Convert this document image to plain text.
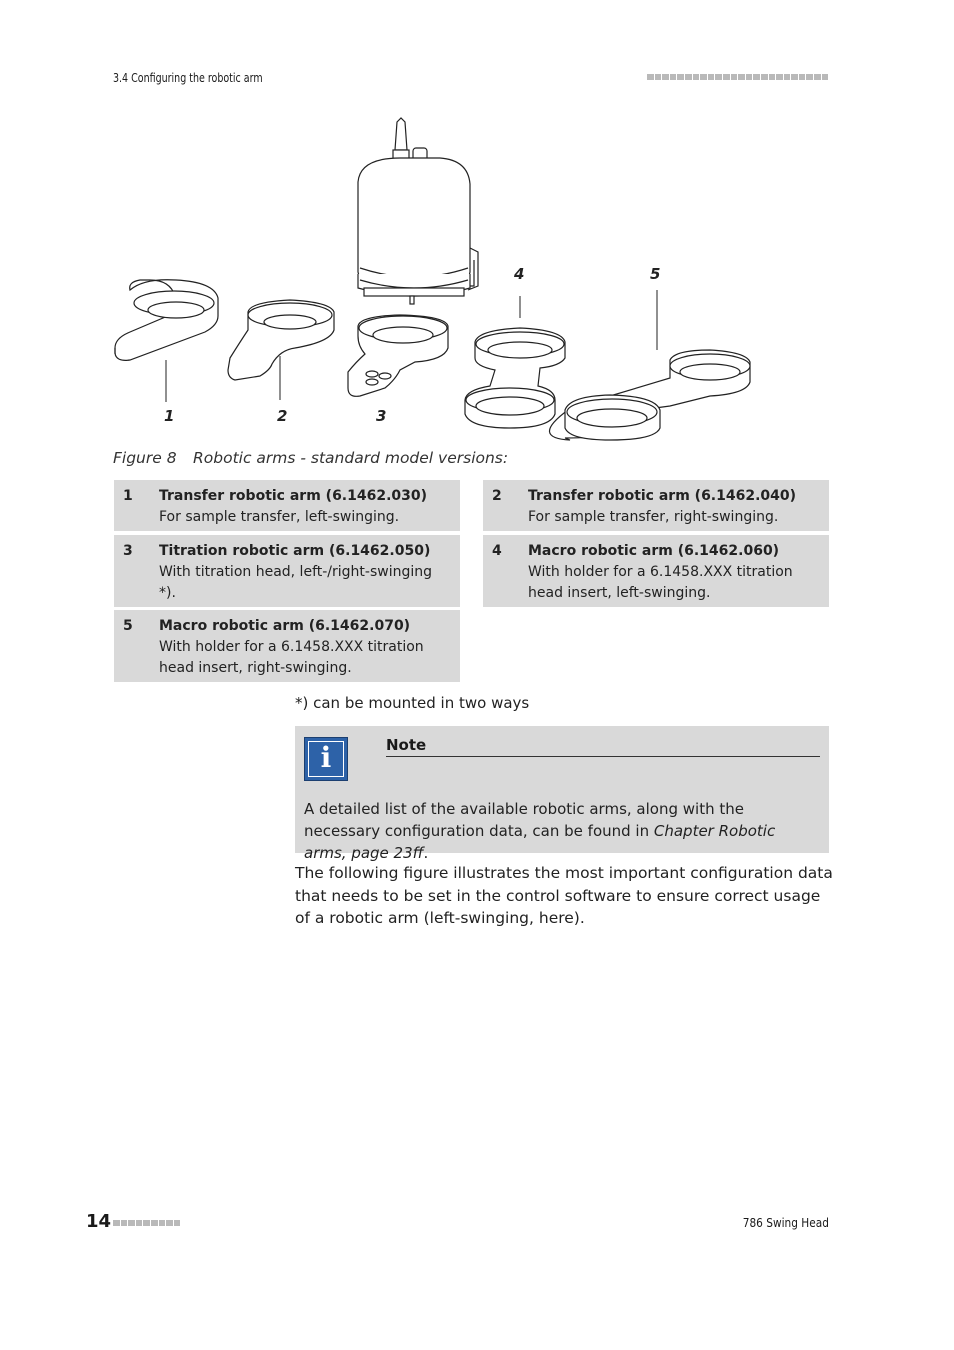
3.4 Configuring the robotic arm
1	2	3
4	5
Figure 8 Robotic arms - standard model versions:
1 Transfer robotic arm (6.1462.030)
For sample transfer, left-swinging.
2 Transfer robotic arm (6.1462.040)
For sample transfer, right-swinging.
3 Titration robotic arm (6.1462.050)
With titration head, left-/right-swinging *).
4 Macro robotic arm (6.1462.060)
With holder for a 6.1458.XXX titration head insert, left-swinging.
5 Macro robotic arm (6.1462.070)
With holder for a 6.1458.XXX titration head insert, right-swinging.
*) can be mounted in two ways
i	Note
A detailed list of the available robotic arms, along with the necessary configuration data, can be found in Chapter Robotic arms, page 23ff.
The following figure illustrates the most important configuration data that needs to be set in the control software to ensure correct usage of a robotic arm (left-swinging, here).
14	786 Swing Head
